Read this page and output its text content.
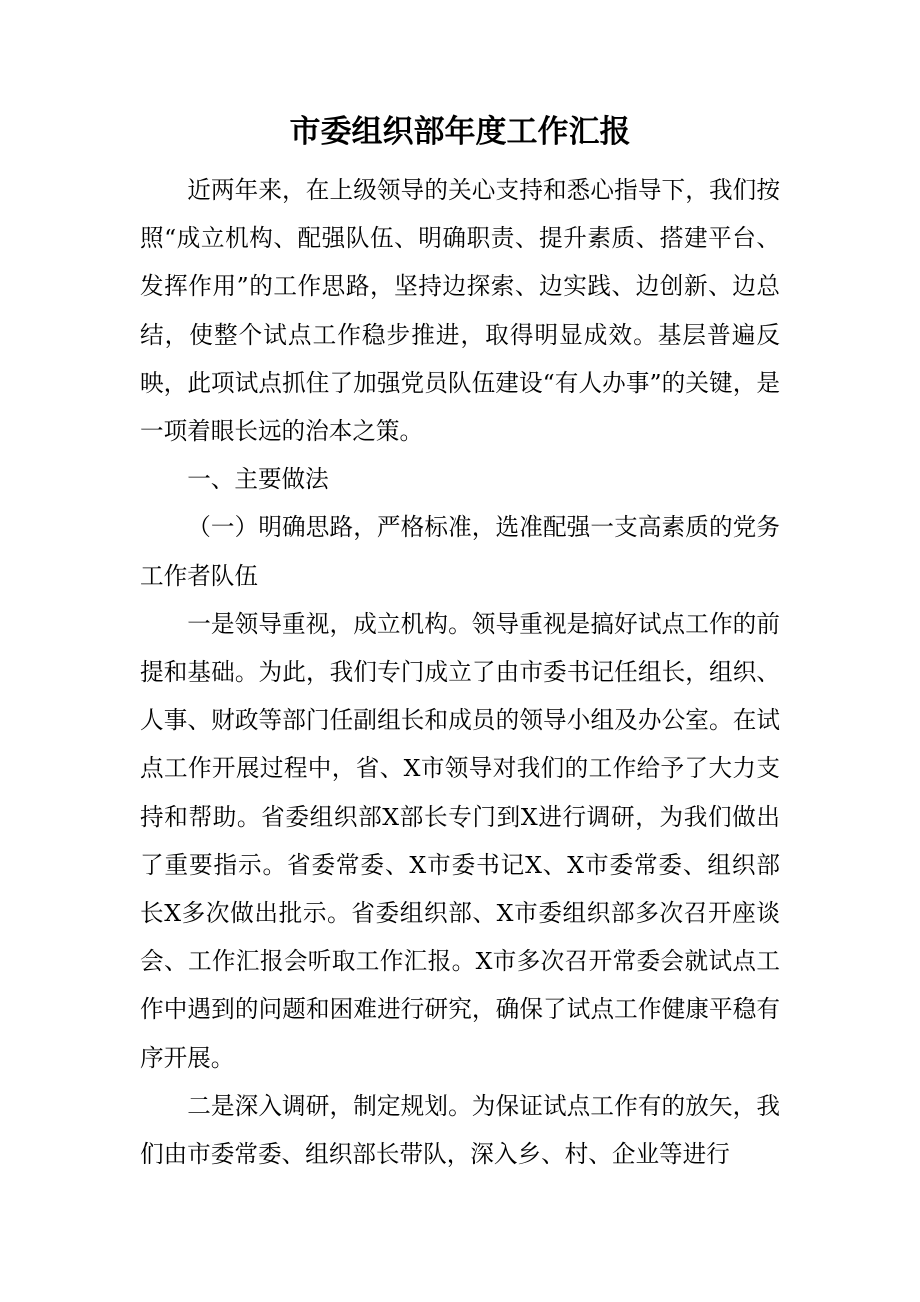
市委组织部年度工作汇报

近两年来，在上级领导的关心支持和悉心指导下，我们按照“成立机构、配强队伍、明确职责、提升素质、搭建平台、发挥作用”的工作思路，坚持边探索、边实践、边创新、边总结，使整个试点工作稳步推进，取得明显成效。基层普遍反映，此项试点抓住了加强党员队伍建设“有人办事”的关键，是一项着眼长远的治本之策。

一、主要做法

（一）明确思路，严格标准，选准配强一支高素质的党务工作者队伍

一是领导重视，成立机构。领导重视是搞好试点工作的前提和基础。为此，我们专门成立了由市委书记任组长，组织、人事、财政等部门任副组长和成员的领导小组及办公室。在试点工作开展过程中，省、X市领导对我们的工作给予了大力支持和帮助。省委组织部X部长专门到X进行调研，为我们做出了重要指示。省委常委、X市委书记X、X市委常委、组织部长X多次做出批示。省委组织部、X市委组织部多次召开座谈会、工作汇报会听取工作汇报。X市多次召开常委会就试点工作中遇到的问题和困难进行研究，确保了试点工作健康平稳有序开展。

二是深入调研，制定规划。为保证试点工作有的放矢，我们由市委常委、组织部长带队，深入乡、村、企业等进行
